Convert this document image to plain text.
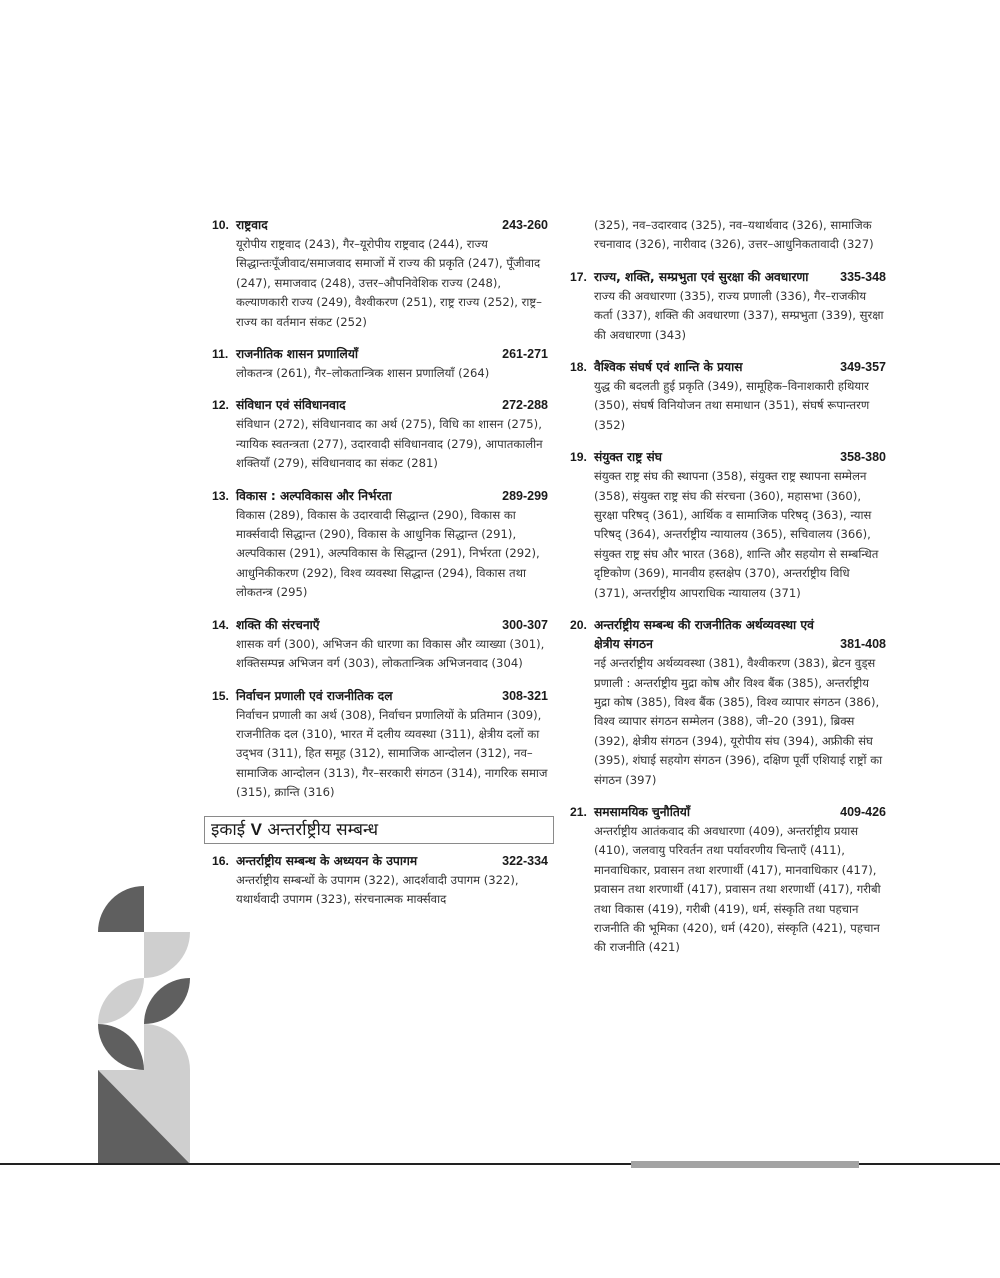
10. राष्ट्रवाद	243-260
यूरोपीय राष्ट्रवाद (243), गैर–यूरोपीय राष्ट्रवाद (244), राज्य सिद्धान्तःपूँजीवाद/समाजवाद समाजों में राज्य की प्रकृति (247), पूँजीवाद (247), समाजवाद (248), उत्तर–औपनिवेशिक राज्य (248), कल्याणकारी राज्य (249), वैश्वीकरण (251), राष्ट्र राज्य (252), राष्ट्र–राज्य का वर्तमान संकट (252)
11. राजनीतिक शासन प्रणालियाँ	261-271
लोकतन्त्र (261), गैर–लोकतान्त्रिक शासन प्रणालियाँ (264)
12. संविधान एवं संविधानवाद	272-288
संविधान (272), संविधानवाद का अर्थ (275), विधि का शासन (275), न्यायिक स्वतन्त्रता (277), उदारवादी संविधानवाद (279), आपातकालीन शक्तियाँ (279), संविधानवाद का संकट (281)
13. विकास : अल्पविकास और निर्भरता	289-299
विकास (289), विकास के उदारवादी सिद्धान्त (290), विकास का मार्क्सवादी सिद्धान्त (290), विकास के आधुनिक सिद्धान्त (291), अल्पविकास (291), अल्पविकास के सिद्धान्त (291), निर्भरता (292), आधुनिकीकरण (292), विश्व व्यवस्था सिद्धान्त (294), विकास तथा लोकतन्त्र (295)
14. शक्ति की संरचनाएँ	300-307
शासक वर्ग (300), अभिजन की धारणा का विकास और व्याख्या (301), शक्तिसम्पन्न अभिजन वर्ग (303), लोकतान्त्रिक अभिजनवाद (304)
15. निर्वाचन प्रणाली एवं राजनीतिक दल	308-321
निर्वाचन प्रणाली का अर्थ (308), निर्वाचन प्रणालियों के प्रतिमान (309), राजनीतिक दल (310), भारत में दलीय व्यवस्था (311), क्षेत्रीय दलों का उद्‌भव (311), हित समूह (312), सामाजिक आन्दोलन (312), नव–सामाजिक आन्दोलन (313), गैर–सरकारी संगठन (314), नागरिक समाज (315), क्रान्ति (316)
इकाई V अन्तर्राष्ट्रीय सम्बन्ध
16. अन्तर्राष्ट्रीय सम्बन्ध के अध्ययन के उपागम	322-334
अन्तर्राष्ट्रीय सम्बन्धों के उपागम (322), आदर्शवादी उपागम (322), यथार्थवादी उपागम (323), संरचनात्मक मार्क्सवाद
(325), नव–उदारवाद (325), नव–यथार्थवाद (326), सामाजिक रचनावाद (326), नारीवाद (326), उत्तर–आधुनिकतावादी (327)
17. राज्य, शक्ति, सम्प्रभुता एवं सुरक्षा की अवधारणा	335-348
राज्य की अवधारणा (335), राज्य प्रणाली (336), गैर–राजकीय कर्ता (337), शक्ति की अवधारणा (337), सम्प्रभुता (339), सुरक्षा की अवधारणा (343)
18. वैश्विक संघर्ष एवं शान्ति के प्रयास	349-357
युद्ध की बदलती हुई प्रकृति (349), सामूहिक–विनाशकारी हथियार (350), संघर्ष विनियोजन तथा समाधान (351), संघर्ष रूपान्तरण (352)
19. संयुक्त राष्ट्र संघ	358-380
संयुक्त राष्ट्र संघ की स्थापना (358), संयुक्त राष्ट्र स्थापना सम्मेलन (358), संयुक्त राष्ट्र संघ की संरचना (360), महासभा (360), सुरक्षा परिषद् (361), आर्थिक व सामाजिक परिषद् (363), न्यास परिषद् (364), अन्तर्राष्ट्रीय न्यायालय (365), सचिवालय (366), संयुक्त राष्ट्र संघ और भारत (368), शान्ति और सहयोग से सम्बन्धित दृष्टिकोण (369), मानवीय हस्तक्षेप (370), अन्तर्राष्ट्रीय विधि (371), अन्तर्राष्ट्रीय आपराधिक न्यायालय (371)
20. अन्तर्राष्ट्रीय सम्बन्ध की राजनीतिक अर्थव्यवस्था एवं
क्षेत्रीय संगठन	381-408
नई अन्तर्राष्ट्रीय अर्थव्यवस्था (381), वैश्वीकरण (383), ब्रेटन वुड्स प्रणाली : अन्तर्राष्ट्रीय मुद्रा कोष और विश्व बैंक (385), अन्तर्राष्ट्रीय मुद्रा कोष (385), विश्व बैंक (385), विश्व व्यापार संगठन (386), विश्व व्यापार संगठन सम्मेलन (388), जी–20 (391), ब्रिक्स (392), क्षेत्रीय संगठन (394), यूरोपीय संघ (394), अफ्रीकी संघ (395), शंघाई सहयोग संगठन (396), दक्षिण पूर्वी एशियाई राष्ट्रों का संगठन (397)
21. समसामयिक चुनौतियाँ	409-426
अन्तर्राष्ट्रीय आतंकवाद की अवधारणा (409), अन्तर्राष्ट्रीय प्रयास (410), जलवायु परिवर्तन तथा पर्यावरणीय चिन्ताएँ (411), मानवाधिकार, प्रवासन तथा शरणार्थी (417), मानवाधिकार (417), प्रवासन तथा शरणार्थी (417), प्रवासन तथा शरणार्थी (417), गरीबी तथा विकास (419), गरीबी (419), धर्म, संस्कृति तथा पहचान राजनीति की भूमिका (420), धर्म (420), संस्कृति (421), पहचान की राजनीति (421)
